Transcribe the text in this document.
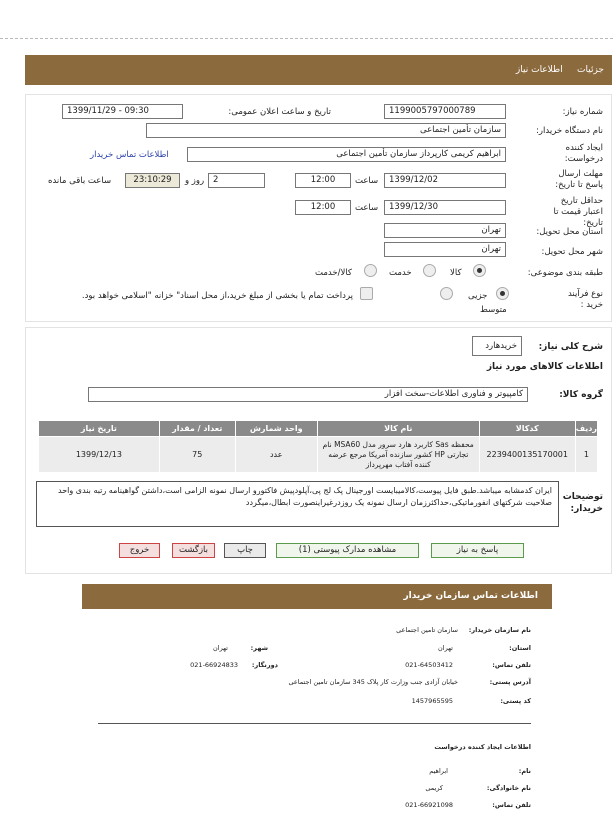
جزئیات     اطلاعات نیاز
شماره نیاز:
1199005797000789
تاریخ و ساعت اعلان عمومی:
1399/11/29 - 09:30
نام دستگاه خریدار:
سازمان تأمین اجتماعی
ایجاد کننده درخواست:
ابراهیم کریمی کارپرداز سازمان تأمین اجتماعی
اطلاعات تماس خریدار
مهلت ارسال پاسخ تا تاریخ:
1399/12/02
ساعت
12:00
2
روز و
23:10:29
ساعت باقی مانده
حداقل تاریخ اعتبار قیمت تا تاریخ:
1399/12/30
ساعت
12:00
استان محل تحویل:
تهران
شهر محل تحویل:
تهران
طبقه بندی موضوعی:
کالا
خدمت
کالا/خدمت
نوع فرآیند خرید :
جزیی
متوسط
پرداخت تمام یا بخشی از مبلغ خرید،از محل اسناد" خزانه "اسلامی خواهد بود.
شرح کلی نیاز:
خریدهارد
اطلاعات کالاهای مورد نیاز
گروه کالا:
کامپیوتر و فناوری اطلاعات-سخت افزار
ردیف	کدکالا	نام کالا	واحد شمارش	تعداد / مقدار	تاریخ نیاز
1	2239400135170001	محفظه Sas کاربرد هارد سرور مدل MSA60 نام تجارتی HP کشور سازنده آمریکا مرجع عرضه کننده آفتاب مهرپرداز	عدد	75	1399/12/13
توضیحات خریدار:
ایران کدمشابه میباشد.طبق فایل پیوست،کالامیبایست اورجینال پک لج پی،آپلودپیش فاکتورو ارسال نمونه الزامی است،داشتن گواهینامه رتبه بندی واحد صلاحیت شرکتهای انفورماتیکی،حداکثرزمان ارسال نمونه یک روزدرغیراینصورت ابطال،میگردد
پاسخ به نیاز
مشاهده مدارک پیوستی (1)
چاپ
بازگشت
خروج
اطلاعات تماس سازمان خریدار
نام سازمان خریدار:
سازمان تامین اجتماعی
استان:
تهران
شهر:
تهران
تلفن تماس:
021-64503412
دورنگار:
021-66924833
آدرس پستی:
خیابان آزادی جنب وزارت کار پلاک 345 سازمان تامین اجتماعی
کد پستی:
1457965595
اطلاعات ایجاد کننده درخواست
نام:
ابراهیم
نام خانوادگی:
کریمی
تلفن تماس:
021-66921098
